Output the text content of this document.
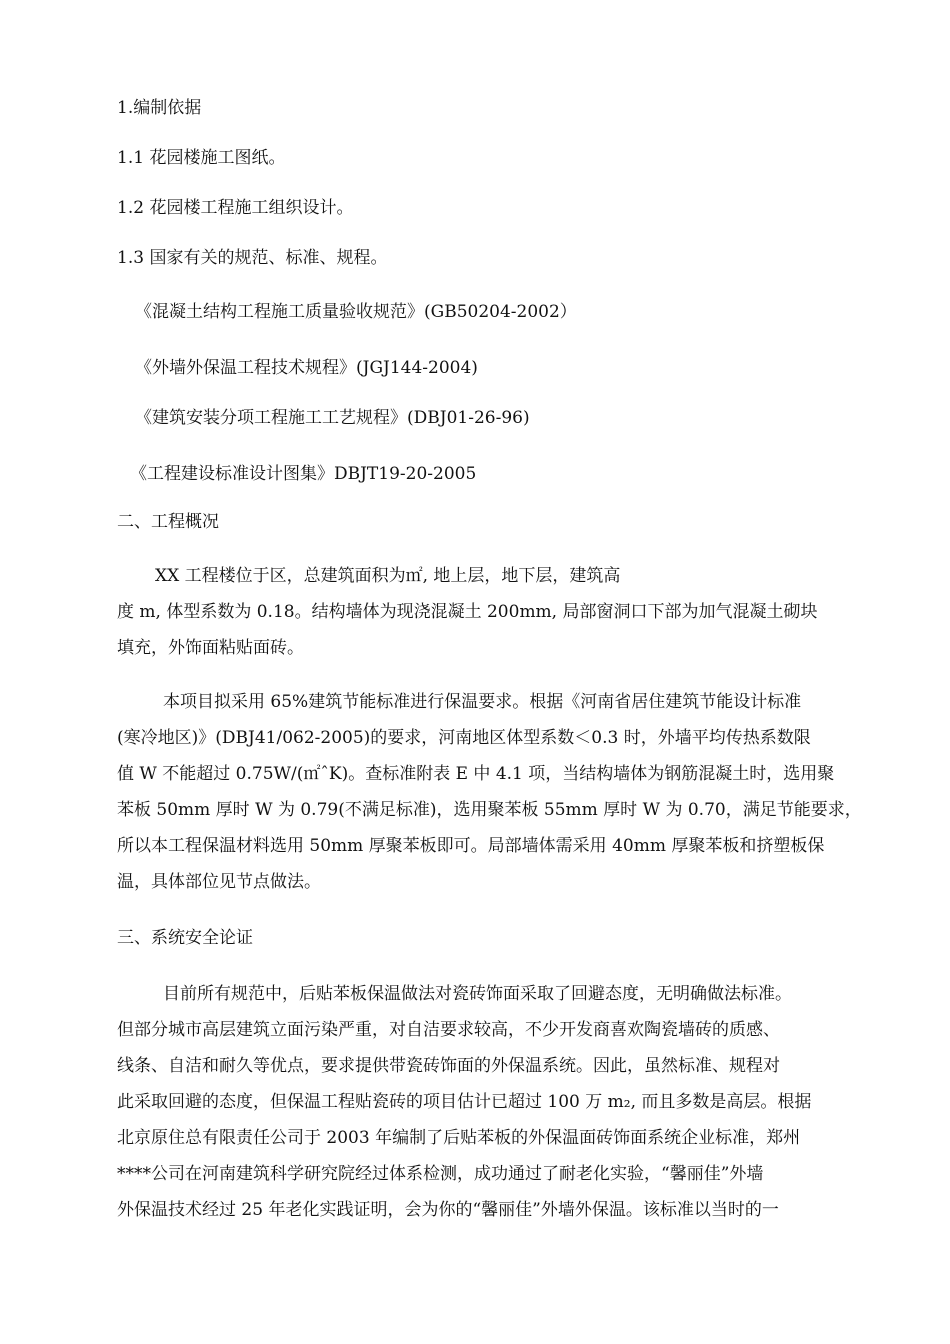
1.编制依据
1.1 花园楼施工图纸。
1.2 花园楼工程施工组织设计。
1.3 国家有关的规范、标准、规程。
《混凝土结构工程施工质量验收规范》(GB50204-2002）
《外墙外保温工程技术规程》(JGJ144-2004)
《建筑安装分项工程施工工艺规程》(DBJ01-26-96)
《工程建设标准设计图集》DBJT19-20-2005
二、工程概况
XX 工程楼位于区，总建筑面积为㎡, 地上层，地下层，建筑高
度 m, 体型系数为 0.18。结构墙体为现浇混凝土 200mm, 局部窗洞口下部为加气混凝土砌块
填充，外饰面粘贴面砖。
本项目拟采用 65%建筑节能标准进行保温要求。根据《河南省居住建筑节能设计标准
(寒冷地区)》(DBJ41/062-2005)的要求，河南地区体型系数＜0.3 时，外墙平均传热系数限
值 W 不能超过 0.75W/(㎡ˆK)。查标准附表 E 中 4.1 项，当结构墙体为钢筋混凝土时，选用聚
苯板 50mm 厚时 W 为 0.79(不满足标准)，选用聚苯板 55mm 厚时 W 为 0.70，满足节能要求，
所以本工程保温材料选用 50mm 厚聚苯板即可。局部墙体需采用 40mm 厚聚苯板和挤塑板保
温，具体部位见节点做法。
三、系统安全论证
目前所有规范中，后贴苯板保温做法对瓷砖饰面采取了回避态度，无明确做法标准。
但部分城市高层建筑立面污染严重，对自洁要求较高，不少开发商喜欢陶瓷墙砖的质感、
线条、自洁和耐久等优点，要求提供带瓷砖饰面的外保温系统。因此，虽然标准、规程对
此采取回避的态度，但保温工程贴瓷砖的项目估计已超过 100 万 m₂, 而且多数是高层。根据
北京原住总有限责任公司于 2003 年编制了后贴苯板的外保温面砖饰面系统企业标准，郑州
****公司在河南建筑科学研究院经过体系检测，成功通过了耐老化实验，“馨丽佳”外墙
外保温技术经过 25 年老化实践证明，会为你的“馨丽佳”外墙外保温。该标准以当时的一
